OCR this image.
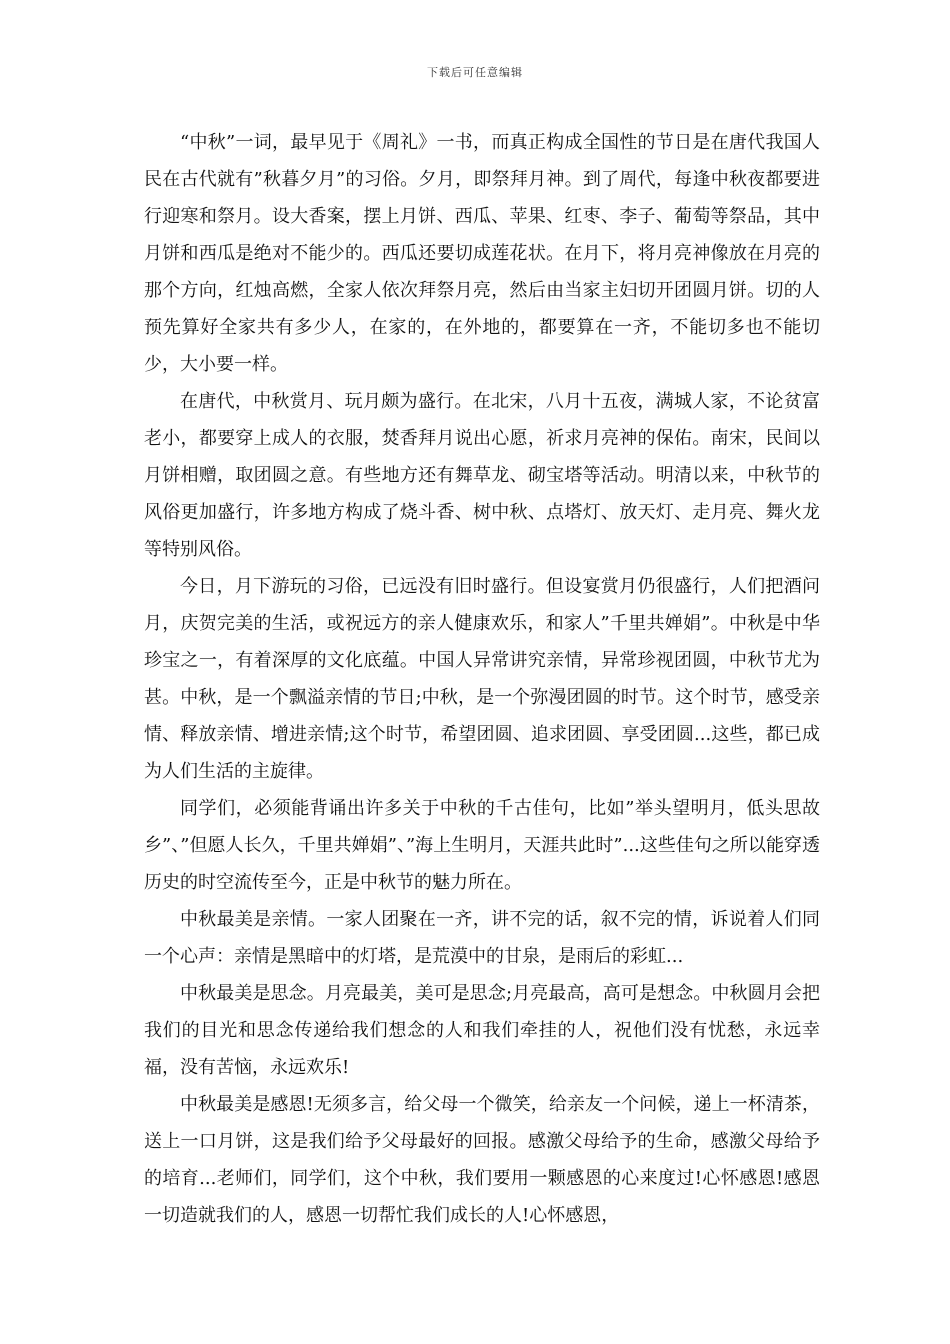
下载后可任意编辑

“中秋”一词，最早见于《周礼》一书，而真正构成全国性的节日是在唐代我国人民在古代就有”秋暮夕月”的习俗。夕月，即祭拜月神。到了周代，每逢中秋夜都要进行迎寒和祭月。设大香案，摆上月饼、西瓜、苹果、红枣、李子、葡萄等祭品，其中月饼和西瓜是绝对不能少的。西瓜还要切成莲花状。在月下，将月亮神像放在月亮的那个方向，红烛高燃，全家人依次拜祭月亮，然后由当家主妇切开团圆月饼。切的人预先算好全家共有多少人，在家的，在外地的，都要算在一齐，不能切多也不能切少，大小要一样。

在唐代，中秋赏月、玩月颇为盛行。在北宋，八月十五夜，满城人家，不论贫富老小，都要穿上成人的衣服，焚香拜月说出心愿，祈求月亮神的保佑。南宋，民间以月饼相赠，取团圆之意。有些地方还有舞草龙、砌宝塔等活动。明清以来，中秋节的风俗更加盛行，许多地方构成了烧斗香、树中秋、点塔灯、放天灯、走月亮、舞火龙等特别风俗。

今日，月下游玩的习俗，已远没有旧时盛行。但设宴赏月仍很盛行，人们把酒问月，庆贺完美的生活，或祝远方的亲人健康欢乐，和家人”千里共婵娟”。中秋是中华珍宝之一，有着深厚的文化底蕴。中国人异常讲究亲情，异常珍视团圆，中秋节尤为甚。中秋，是一个飘溢亲情的节日;中秋，是一个弥漫团圆的时节。这个时节，感受亲情、释放亲情、增进亲情;这个时节，希望团圆、追求团圆、享受团圆...这些，都已成为人们生活的主旋律。

同学们，必须能背诵出许多关于中秋的千古佳句，比如”举头望明月，低头思故乡”、”但愿人长久，千里共婵娟”、”海上生明月，天涯共此时”...这些佳句之所以能穿透历史的时空流传至今，正是中秋节的魅力所在。

中秋最美是亲情。一家人团聚在一齐，讲不完的话，叙不完的情，诉说着人们同一个心声：亲情是黑暗中的灯塔，是荒漠中的甘泉，是雨后的彩虹...

中秋最美是思念。月亮最美，美可是思念;月亮最高，高可是想念。中秋圆月会把我们的目光和思念传递给我们想念的人和我们牵挂的人，祝他们没有忧愁，永远幸福，没有苦恼，永远欢乐!

中秋最美是感恩!无须多言，给父母一个微笑，给亲友一个问候，递上一杯清茶，送上一口月饼，这是我们给予父母最好的回报。感激父母给予的生命，感激父母给予的培育...老师们，同学们，这个中秋，我们要用一颗感恩的心来度过!心怀感恩!感恩一切造就我们的人，感恩一切帮忙我们成长的人!心怀感恩，
